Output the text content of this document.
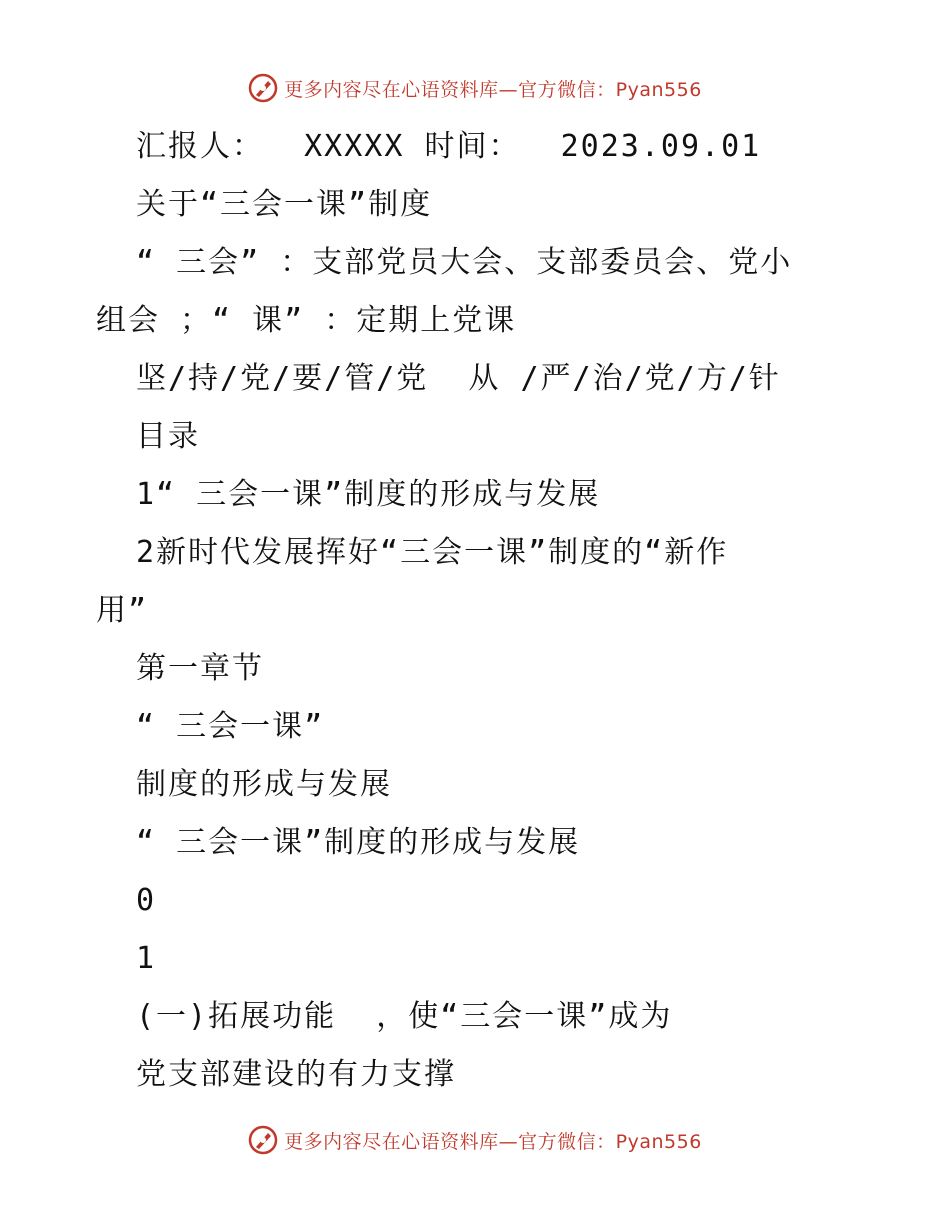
更多内容尽在心语资料库—官方微信：Pyan556
汇报人：  XXXXX 时间：  2023.09.01
关于“三会一课”制度
“ 三会” ：支部党员大会、支部委员会、党小
组会 ；“ 课” ：定期上党课
坚/持/党/要/管/党  从 /严/治/党/方/针
目录
1“ 三会一课”制度的形成与发展
2新时代发展挥好“三会一课”制度的“新作
用”
第一章节
“ 三会一课”
制度的形成与发展
“ 三会一课”制度的形成与发展
0
1
(一)拓展功能  ，使“三会一课”成为
党支部建设的有力支撑
更多内容尽在心语资料库—官方微信：Pyan556
